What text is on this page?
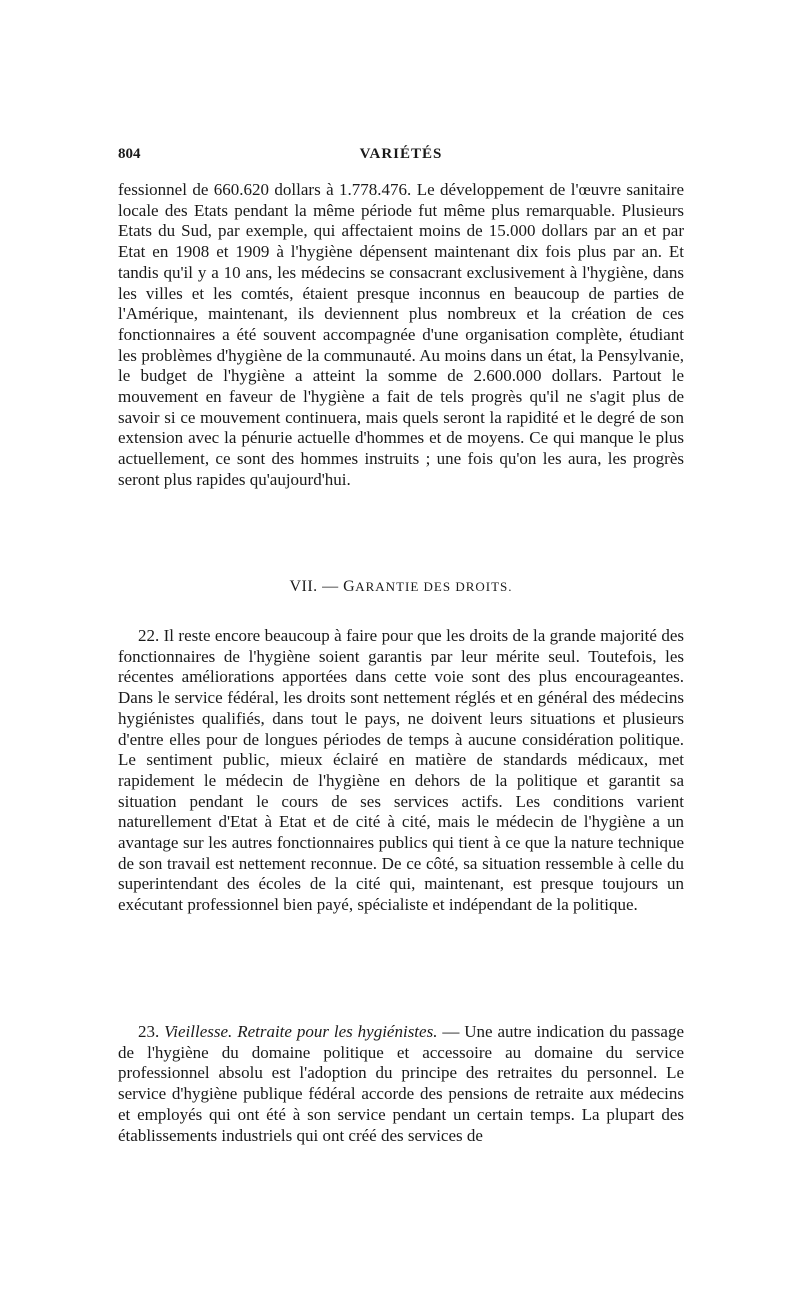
804	VARIÉTÉS

fessionnel de 660.620 dollars à 1.778.476. Le développement de l'œuvre sanitaire locale des Etats pendant la même période fut même plus remarquable. Plusieurs Etats du Sud, par exemple, qui affectaient moins de 15.000 dollars par an et par Etat en 1908 et 1909 à l'hygiène dépensent maintenant dix fois plus par an. Et tandis qu'il y a 10 ans, les médecins se consacrant exclusivement à l'hygiène, dans les villes et les comtés, étaient presque inconnus en beaucoup de parties de l'Amérique, maintenant, ils deviennent plus nombreux et la création de ces fonctionnaires a été souvent accompagnée d'une organisation complète, étudiant les problèmes d'hygiène de la communauté. Au moins dans un état, la Pensylvanie, le budget de l'hygiène a atteint la somme de 2.600.000 dollars. Partout le mouvement en faveur de l'hygiène a fait de tels progrès qu'il ne s'agit plus de savoir si ce mouvement continuera, mais quels seront la rapidité et le degré de son extension avec la pénurie actuelle d'hommes et de moyens. Ce qui manque le plus actuellement, ce sont des hommes instruits ; une fois qu'on les aura, les progrès seront plus rapides qu'aujourd'hui.

VII. — GARANTIE DES DROITS.

22. Il reste encore beaucoup à faire pour que les droits de la grande majorité des fonctionnaires de l'hygiène soient garantis par leur mérite seul. Toutefois, les récentes améliorations apportées dans cette voie sont des plus encourageantes. Dans le service fédéral, les droits sont nettement réglés et en général des médecins hygiénistes qualifiés, dans tout le pays, ne doivent leurs situations et plusieurs d'entre elles pour de longues périodes de temps à aucune considération politique. Le sentiment public, mieux éclairé en matière de standards médicaux, met rapidement le médecin de l'hygiène en dehors de la politique et garantit sa situation pendant le cours de ses services actifs. Les conditions varient naturellement d'Etat à Etat et de cité à cité, mais le médecin de l'hygiène a un avantage sur les autres fonctionnaires publics qui tient à ce que la nature technique de son travail est nettement reconnue. De ce côté, sa situation ressemble à celle du superintendant des écoles de la cité qui, maintenant, est presque toujours un exécutant professionnel bien payé, spécialiste et indépendant de la politique.

23. Vieillesse. Retraite pour les hygiénistes. — Une autre indication du passage de l'hygiène du domaine politique et accessoire au domaine du service professionnel absolu est l'adoption du principe des retraites du personnel. Le service d'hygiène publique fédéral accorde des pensions de retraite aux médecins et employés qui ont été à son service pendant un certain temps. La plupart des établissements industriels qui ont créé des services de
